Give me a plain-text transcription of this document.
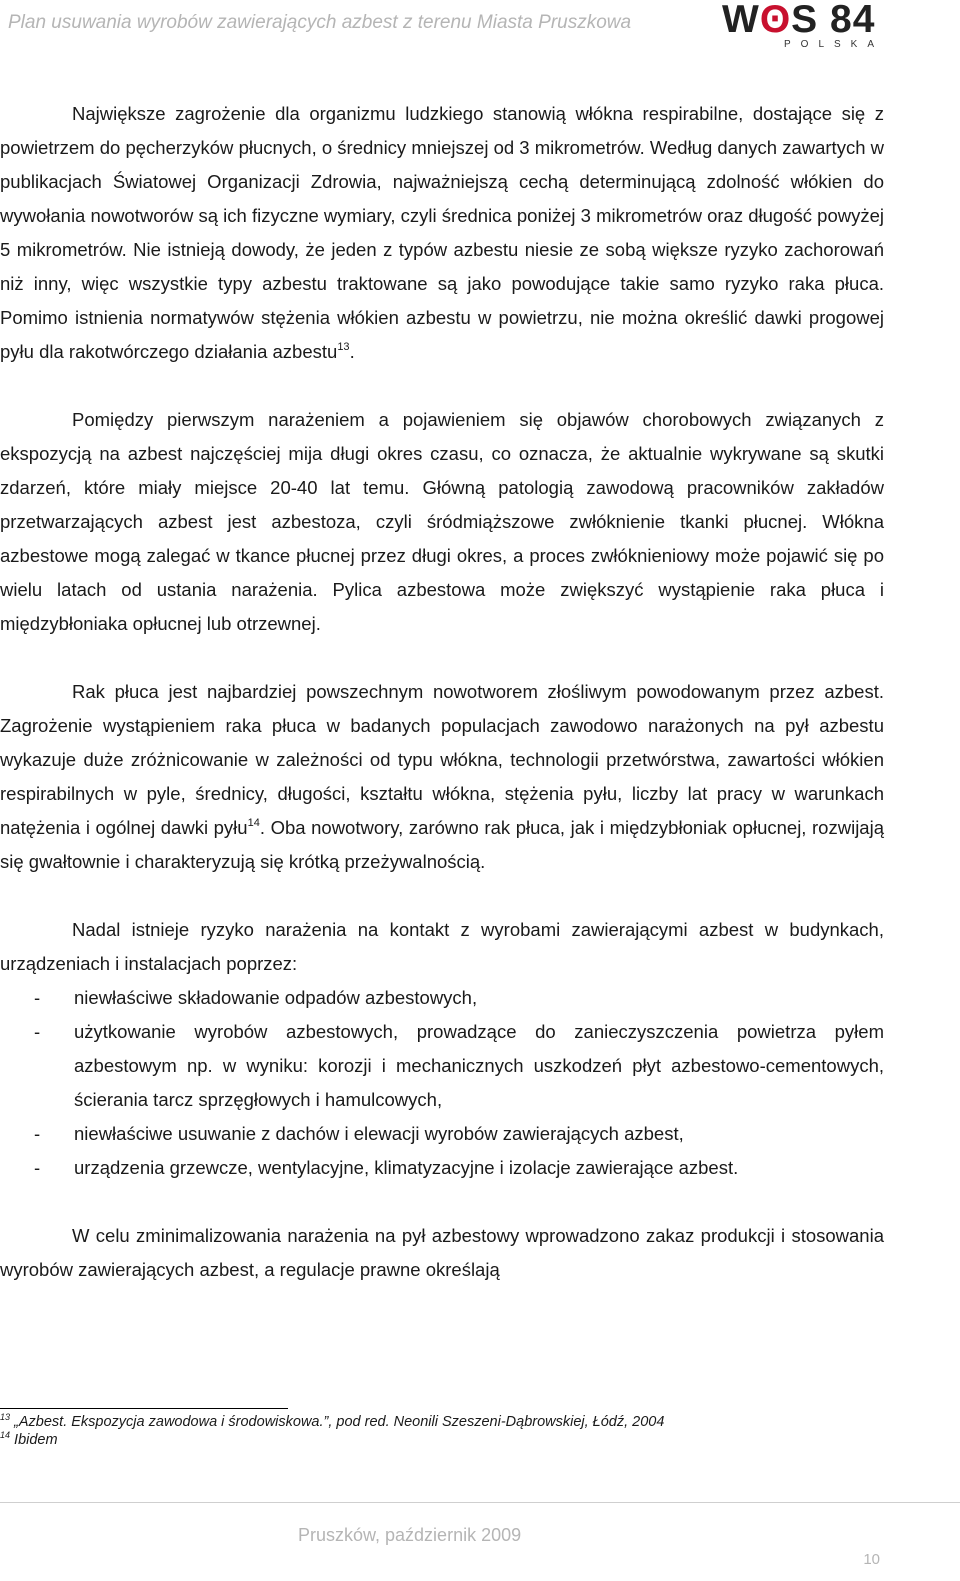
Plan usuwania wyrobów zawierających azbest z terenu Miasta Pruszkowa WʘS 84
POLSKA

Największe zagrożenie dla organizmu ludzkiego stanowią włókna respirabilne, dostające się z powietrzem do pęcherzyków płucnych, o średnicy mniejszej od 3 mikrometrów. Według danych zawartych w publikacjach Światowej Organizacji Zdrowia, najważniejszą cechą determinującą zdolność włókien do wywołania nowotworów są ich fizyczne wymiary, czyli średnica poniżej 3 mikrometrów oraz długość powyżej 5 mikrometrów. Nie istnieją dowody, że jeden z typów azbestu niesie ze sobą większe ryzyko zachorowań niż inny, więc wszystkie typy azbestu traktowane są jako powodujące takie samo ryzyko raka płuca. Pomimo istnienia normatywów stężenia włókien azbestu w powietrzu, nie można określić dawki progowej pyłu dla rakotwórczego działania azbestu$^{13}$.

Pomiędzy pierwszym narażeniem a pojawieniem się objawów chorobowych związanych z ekspozycją na azbest najczęściej mija długi okres czasu, co oznacza, że aktualnie wykrywane są skutki zdarzeń, które miały miejsce 20-40 lat temu. Główną patologią zawodową pracowników zakładów przetwarzających azbest jest azbestoza, czyli śródmiąższowe zwłóknienie tkanki płucnej. Włókna azbestowe mogą zalegać w tkance płucnej przez długi okres, a proces zwłóknieniowy może pojawić się po wielu latach od ustania narażenia. Pylica azbestowa może zwiększyć wystąpienie raka płuca i międzybłoniaka opłucnej lub otrzewnej.

Rak płuca jest najbardziej powszechnym nowotworem złośliwym powodowanym przez azbest. Zagrożenie wystąpieniem raka płuca w badanych populacjach zawodowo narażonych na pył azbestu wykazuje duże zróżnicowanie w zależności od typu włókna, technologii przetwórstwa, zawartości włókien respirabilnych w pyle, średnicy, długości, kształtu włókna, stężenia pyłu, liczby lat pracy w warunkach natężenia i ogólnej dawki pyłu$^{14}$. Oba nowotwory, zarówno rak płuca, jak i międzybłoniak opłucnej, rozwijają się gwałtownie i charakteryzują się krótką przeżywalnością.

Nadal istnieje ryzyko narażenia na kontakt z wyrobami zawierającymi azbest w budynkach, urządzeniach i instalacjach poprzez:

- niewłaściwe składowanie odpadów azbestowych,
- użytkowanie wyrobów azbestowych, prowadzące do zanieczyszczenia powietrza pyłem azbestowym np. w wyniku: korozji i mechanicznych uszkodzeń płyt azbestowo-cementowych, ścierania tarcz sprzęgłowych i hamulcowych,
- niewłaściwe usuwanie z dachów i elewacji wyrobów zawierających azbest,
- urządzenia grzewcze, wentylacyjne, klimatyzacyjne i izolacje zawierające azbest.

W celu zminimalizowania narażenia na pył azbestowy wprowadzono zakaz produkcji i stosowania wyrobów zawierających azbest, a regulacje prawne określają

$^{13}$ „Azbest. Ekspozycja zawodowa i środowiskowa.”, pod red. Neonili Szeszeni-Dąbrowskiej, Łódź, 2004
$^{14}$ Ibidem
Pruszków, październik 2009
10
